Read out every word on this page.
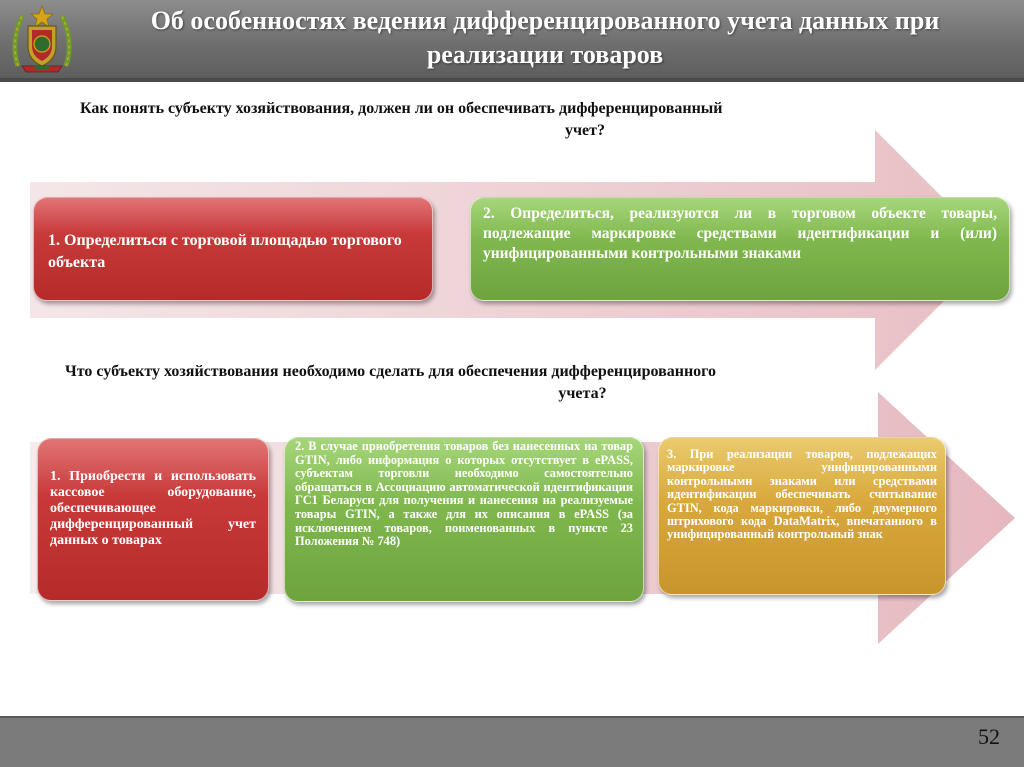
Об особенностях ведения дифференцированного учета данных при реализации товаров

Как понять субъекту хозяйствования, должен ли он обеспечивать дифференцированный
учет?

1. Определиться с торговой площадью торгового объекта
2. Определиться, реализуются ли в торговом объекте товары, подлежащие маркировке средствами идентификации и (или) унифицированными контрольными знаками

Что субъекту хозяйствования необходимо сделать для обеспечения дифференцированного
учета?

1. Приобрести и использовать кассовое оборудование, обеспечивающее дифференцированный учет данных о товарах
2. В случае приобретения товаров без нанесенных на товар GTIN, либо информация о которых отсутствует в ePASS, субъектам торговли необходимо самостоятельно обращаться в Ассоциацию автоматической идентификации ГС1 Беларуси для получения и нанесения на реализуемые товары GTIN, а также для их описания в ePASS (за исключением товаров, поименованных в пункте 23 Положения № 748)
3. При реализации товаров, подлежащих маркировке унифицированными контрольными знаками или средствами идентификации обеспечивать считывание GTIN, кода маркировки, либо двумерного штрихового кода DataMatrix, впечатанного в унифицированный контрольный знак

52
